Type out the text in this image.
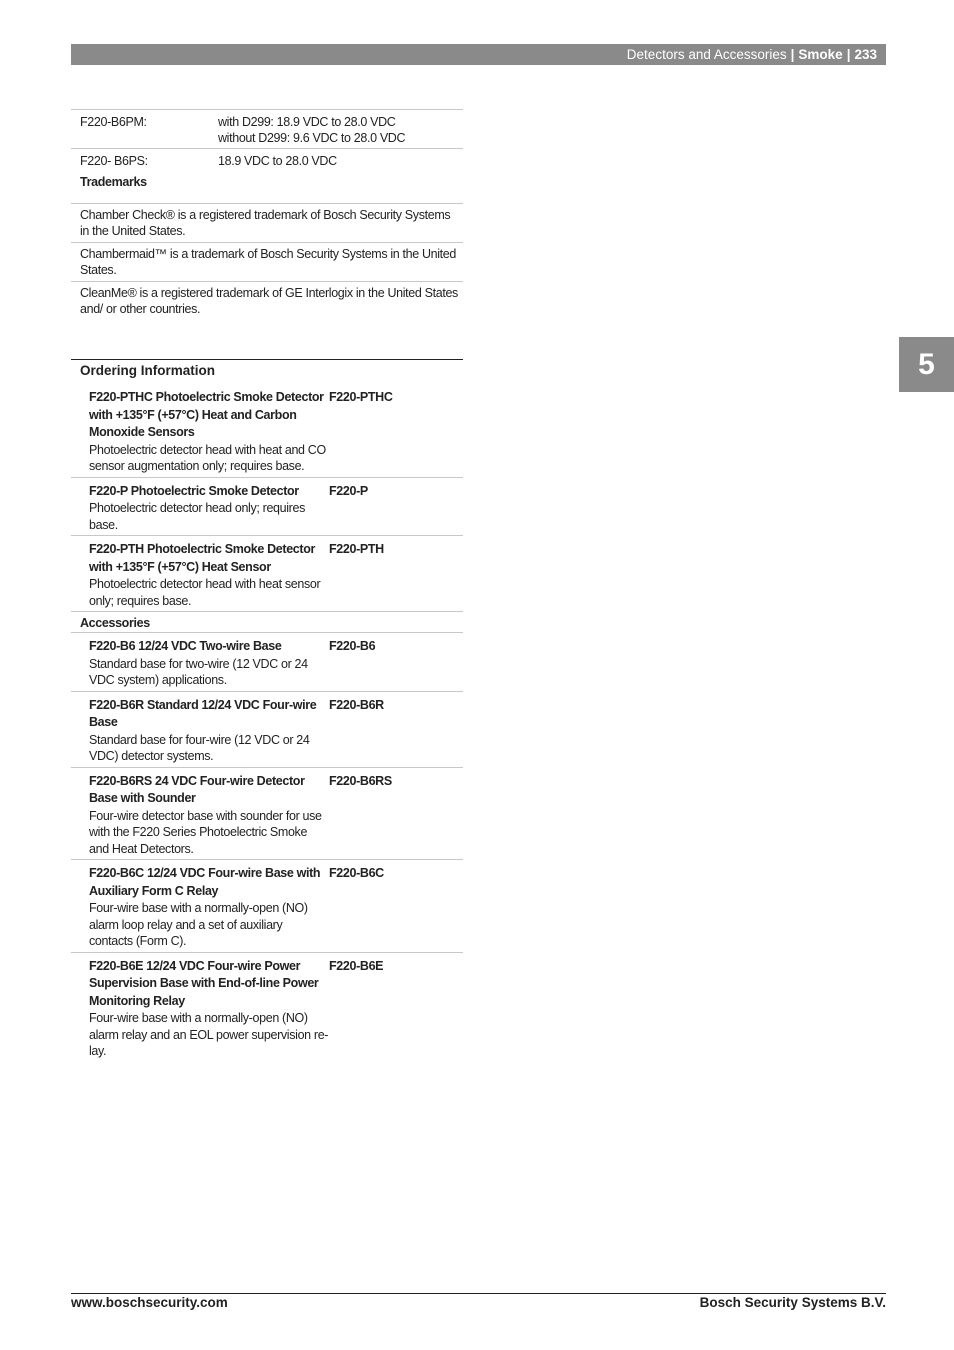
Detectors and Accessories | Smoke | 233
F220-B6PM:	with D299: 18.9 VDC to 28.0 VDC
without D299: 9.6 VDC to 28.0 VDC
F220- B6PS:	18.9 VDC to 28.0 VDC
Trademarks
Chamber Check® is a registered trademark of Bosch Security Systems in the United States.
Chambermaid™ is a trademark of Bosch Security Systems in the United States.
CleanMe® is a registered trademark of GE Interlogix in the United States and/ or other countries.
Ordering Information
F220-PTHC Photoelectric Smoke Detector with +135°F (+57°C) Heat and Carbon Monoxide Sensors
Photoelectric detector head with heat and CO sensor augmentation only; requires base.
F220-PTHC
F220-P Photoelectric Smoke Detector
Photoelectric detector head only; requires base.
F220-P
F220-PTH Photoelectric Smoke Detector with +135°F (+57°C) Heat Sensor
Photoelectric detector head with heat sensor only; requires base.
F220-PTH
Accessories
F220-B6 12/24 VDC Two-wire Base
Standard base for two-wire (12 VDC or 24 VDC system) applications.
F220-B6
F220-B6R Standard 12/24 VDC Four-wire Base
Standard base for four-wire (12 VDC or 24 VDC) detector systems.
F220-B6R
F220-B6RS 24 VDC Four-wire Detector Base with Sounder
Four-wire detector base with sounder for use with the F220 Series Photoelectric Smoke and Heat Detectors.
F220-B6RS
F220-B6C 12/24 VDC Four-wire Base with Auxiliary Form C Relay
Four-wire base with a normally-open (NO) alarm loop relay and a set of auxiliary contacts (Form C).
F220-B6C
F220-B6E 12/24 VDC Four-wire Power Supervision Base with End-of-line Power Monitoring Relay
Four-wire base with a normally-open (NO) alarm relay and an EOL power supervision re- lay.
F220-B6E
5
www.boschsecurity.com	Bosch Security Systems B.V.
